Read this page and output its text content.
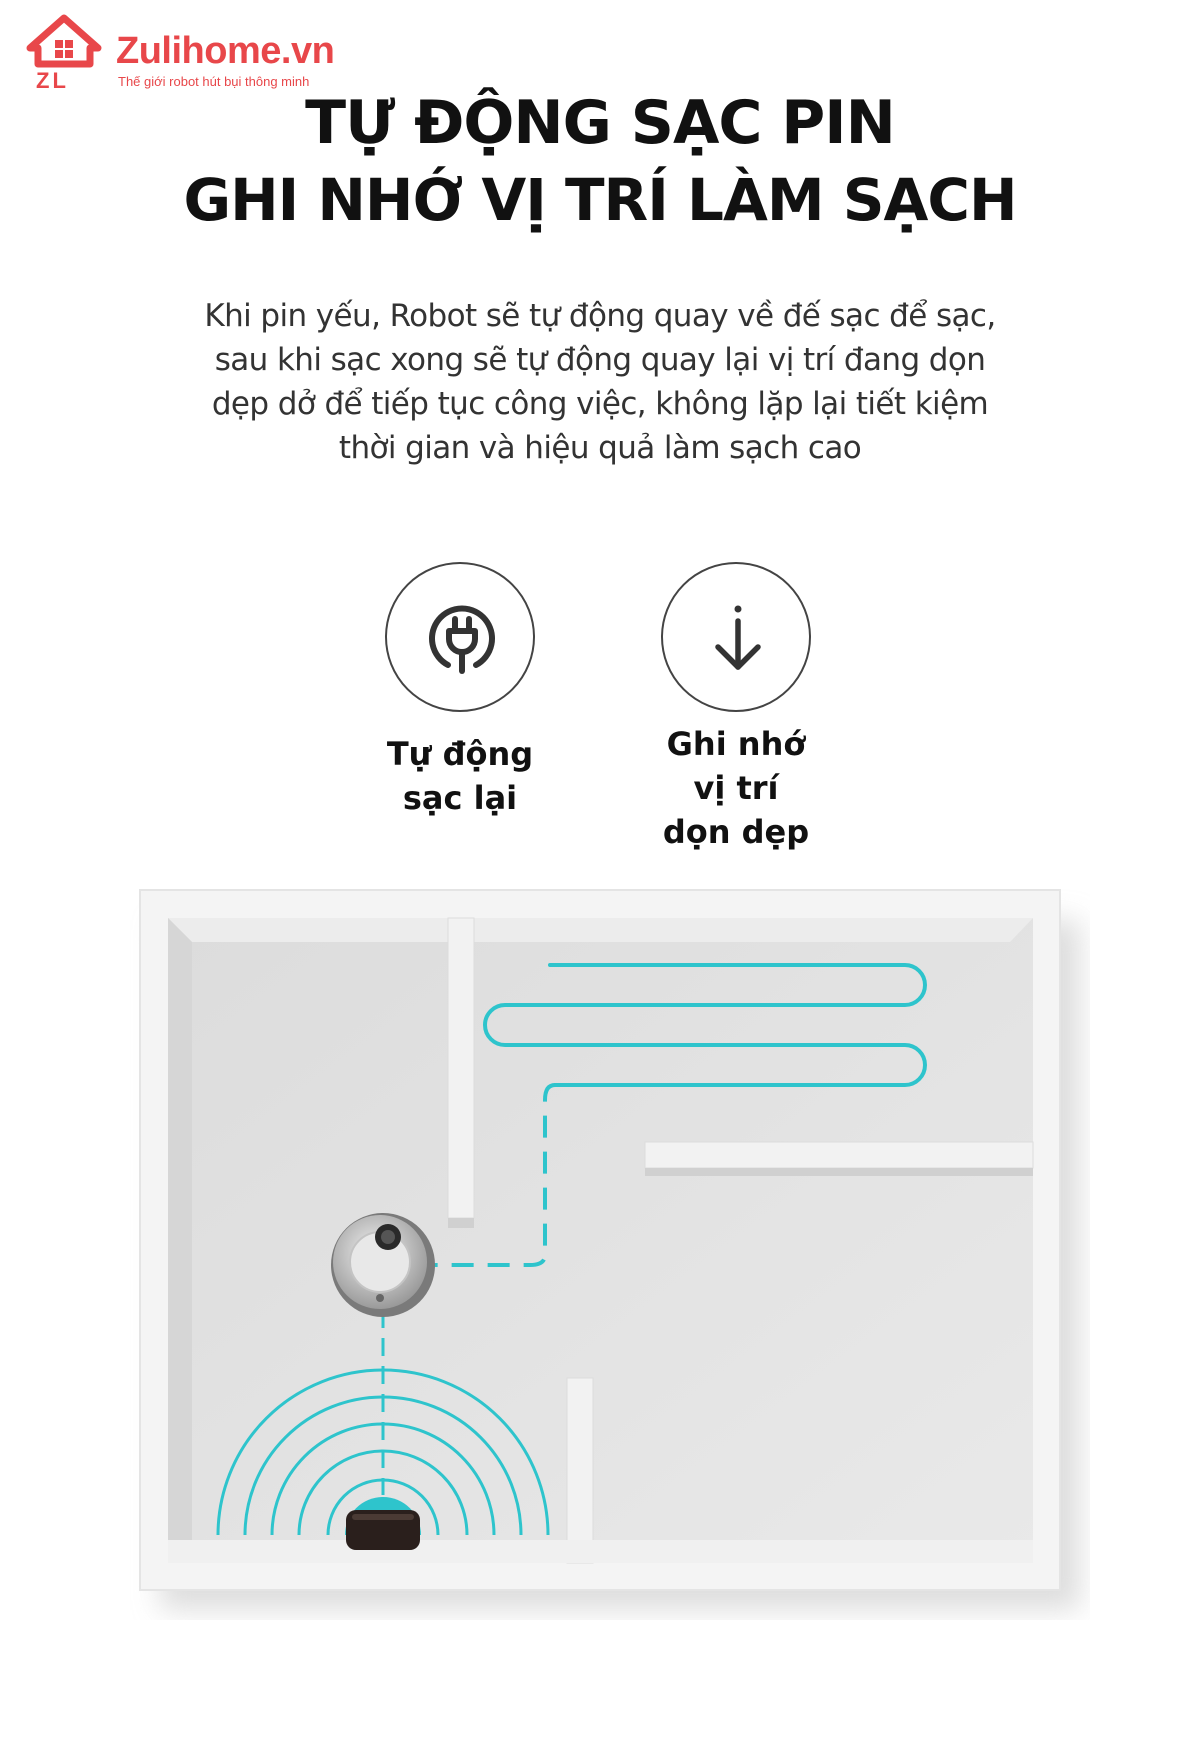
ZL
Zulihome.vn
Thế giới robot hút bụi thông minh
TỰ ĐỘNG SẠC PIN
GHI NHỚ VỊ TRÍ LÀM SẠCH
Khi pin yếu, Robot sẽ tự động quay về đế sạc để sạc,
sau khi sạc xong sẽ tự động quay lại vị trí đang dọn
dẹp dở để tiếp tục công việc, không lặp lại tiết kiệm
thời gian và hiệu quả làm sạch cao
Tự động
sạc lại
Ghi nhớ
vị trí
dọn dẹp
